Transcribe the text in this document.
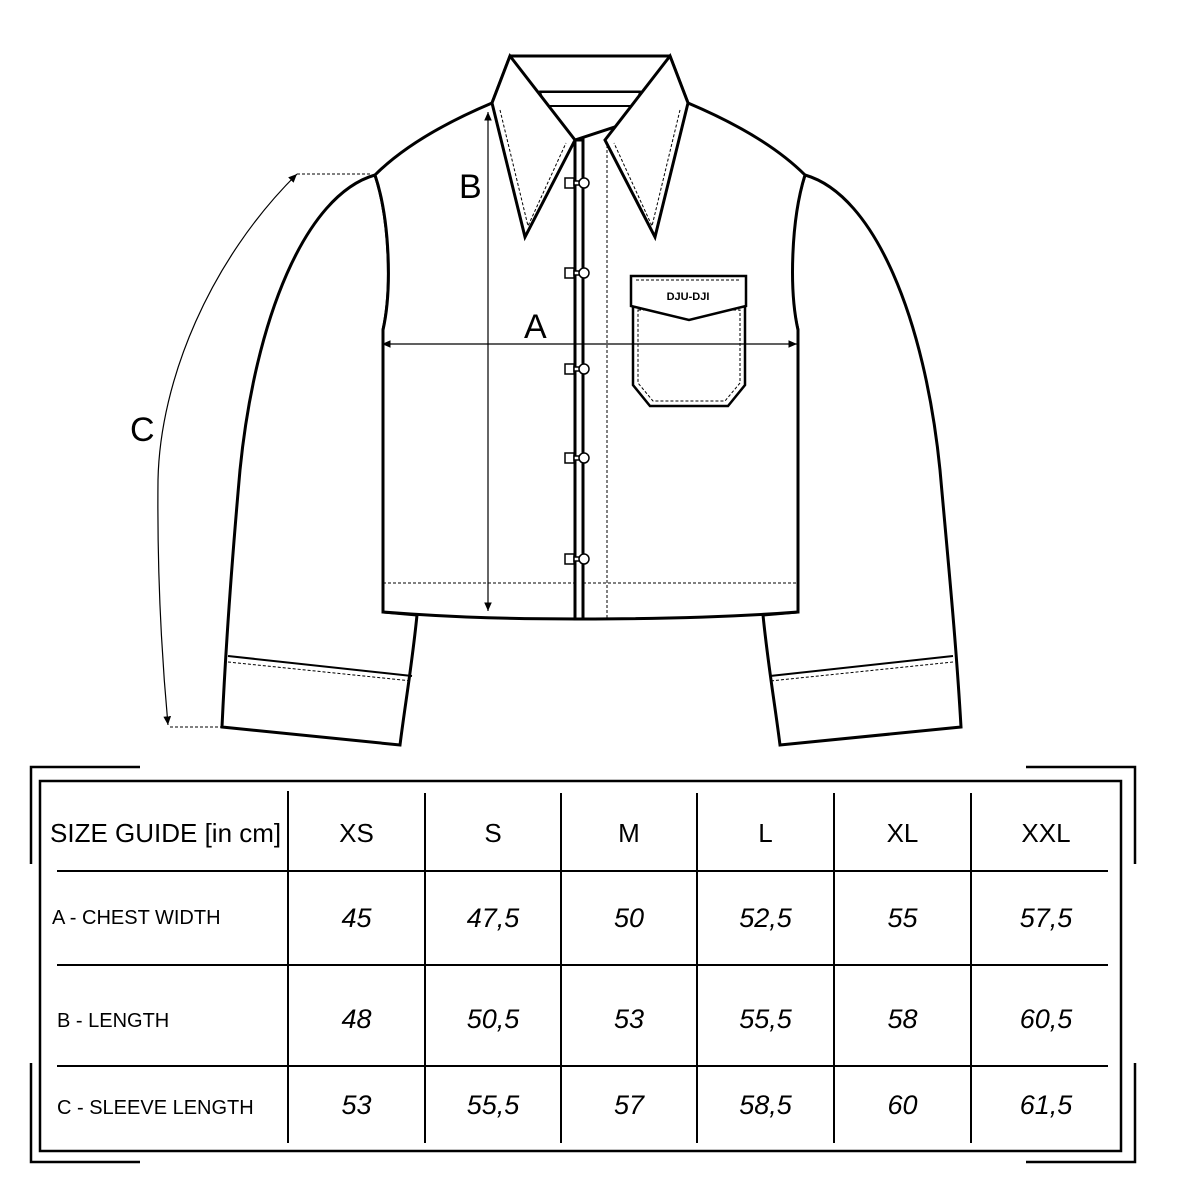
DJU-DJI
A
B
C
SIZE GUIDE [in cm]	XS	S	M	L	XL	XXL
A - CHEST WIDTH	45	47,5	50	52,5	55	57,5
B - LENGTH	48	50,5	53	55,5	58	60,5
C - SLEEVE LENGTH	53	55,5	57	58,5	60	61,5
